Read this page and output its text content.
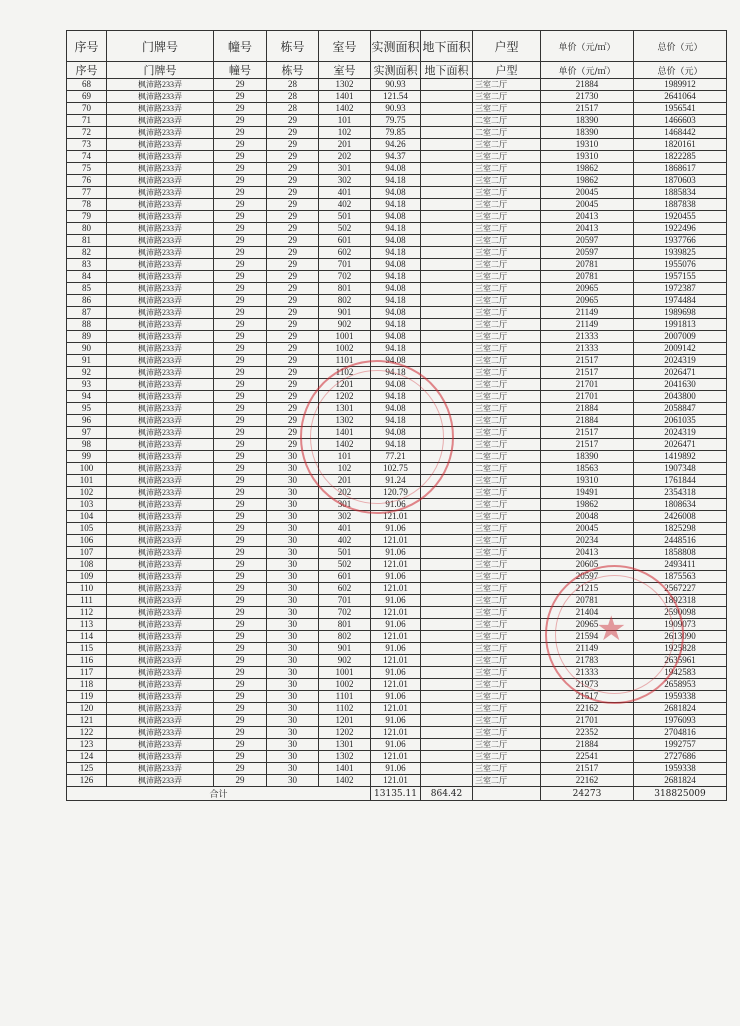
序号	门牌号	幢号	栋号	室号	实测面积	地下面积	户型	单价（元/㎡）	总价（元）
序号	门牌号	幢号	栋号	室号	实测面积	地下面积	户型	单价（元/㎡）	总价（元）
68	枫沛路233弄	29	28	1302	90.93		三室二厅	21884	1989912
69	枫沛路233弄	29	28	1401	121.54		三室二厅	21730	2641064
70	枫沛路233弄	29	28	1402	90.93		三室二厅	21517	1956541
71	枫沛路233弄	29	29	101	79.75		二室二厅	18390	1466603
72	枫沛路233弄	29	29	102	79.85		二室二厅	18390	1468442
73	枫沛路233弄	29	29	201	94.26		三室二厅	19310	1820161
74	枫沛路233弄	29	29	202	94.37		三室二厅	19310	1822285
75	枫沛路233弄	29	29	301	94.08		三室二厅	19862	1868617
76	枫沛路233弄	29	29	302	94.18		三室二厅	19862	1870603
77	枫沛路233弄	29	29	401	94.08		三室二厅	20045	1885834
78	枫沛路233弄	29	29	402	94.18		三室二厅	20045	1887838
79	枫沛路233弄	29	29	501	94.08		三室二厅	20413	1920455
80	枫沛路233弄	29	29	502	94.18		三室二厅	20413	1922496
81	枫沛路233弄	29	29	601	94.08		三室二厅	20597	1937766
82	枫沛路233弄	29	29	602	94.18		三室二厅	20597	1939825
83	枫沛路233弄	29	29	701	94.08		三室二厅	20781	1955076
84	枫沛路233弄	29	29	702	94.18		三室二厅	20781	1957155
85	枫沛路233弄	29	29	801	94.08		三室二厅	20965	1972387
86	枫沛路233弄	29	29	802	94.18		三室二厅	20965	1974484
87	枫沛路233弄	29	29	901	94.08		三室二厅	21149	1989698
88	枫沛路233弄	29	29	902	94.18		三室二厅	21149	1991813
89	枫沛路233弄	29	29	1001	94.08		三室二厅	21333	2007009
90	枫沛路233弄	29	29	1002	94.18		三室二厅	21333	2009142
91	枫沛路233弄	29	29	1101	94.08		三室二厅	21517	2024319
92	枫沛路233弄	29	29	1102	94.18		三室二厅	21517	2026471
93	枫沛路233弄	29	29	1201	94.08		三室二厅	21701	2041630
94	枫沛路233弄	29	29	1202	94.18		三室二厅	21701	2043800
95	枫沛路233弄	29	29	1301	94.08		三室二厅	21884	2058847
96	枫沛路233弄	29	29	1302	94.18		三室二厅	21884	2061035
97	枫沛路233弄	29	29	1401	94.08		三室二厅	21517	2024319
98	枫沛路233弄	29	29	1402	94.18		三室二厅	21517	2026471
99	枫沛路233弄	29	30	101	77.21		二室二厅	18390	1419892
100	枫沛路233弄	29	30	102	102.75		二室二厅	18563	1907348
101	枫沛路233弄	29	30	201	91.24		三室二厅	19310	1761844
102	枫沛路233弄	29	30	202	120.79		三室二厅	19491	2354318
103	枫沛路233弄	29	30	301	91.06		三室二厅	19862	1808634
104	枫沛路233弄	29	30	302	121.01		三室二厅	20048	2426008
105	枫沛路233弄	29	30	401	91.06		三室二厅	20045	1825298
106	枫沛路233弄	29	30	402	121.01		三室二厅	20234	2448516
107	枫沛路233弄	29	30	501	91.06		三室二厅	20413	1858808
108	枫沛路233弄	29	30	502	121.01		三室二厅	20605	2493411
109	枫沛路233弄	29	30	601	91.06		三室二厅	20597	1875563
110	枫沛路233弄	29	30	602	121.01		三室二厅	21215	2567227
111	枫沛路233弄	29	30	701	91.06		三室二厅	20781	1892318
112	枫沛路233弄	29	30	702	121.01		三室二厅	21404	2590098
113	枫沛路233弄	29	30	801	91.06		三室二厅	20965	1909073
114	枫沛路233弄	29	30	802	121.01		三室二厅	21594	2613090
115	枫沛路233弄	29	30	901	91.06		三室二厅	21149	1925828
116	枫沛路233弄	29	30	902	121.01		三室二厅	21783	2635961
117	枫沛路233弄	29	30	1001	91.06		三室二厅	21333	1942583
118	枫沛路233弄	29	30	1002	121.01		三室二厅	21973	2658953
119	枫沛路233弄	29	30	1101	91.06		三室二厅	21517	1959338
120	枫沛路233弄	29	30	1102	121.01		三室二厅	22162	2681824
121	枫沛路233弄	29	30	1201	91.06		三室二厅	21701	1976093
122	枫沛路233弄	29	30	1202	121.01		三室二厅	22352	2704816
123	枫沛路233弄	29	30	1301	91.06		三室二厅	21884	1992757
124	枫沛路233弄	29	30	1302	121.01		三室二厅	22541	2727686
125	枫沛路233弄	29	30	1401	91.06		三室二厅	21517	1959338
126	枫沛路233弄	29	30	1402	121.01		三室二厅	22162	2681824
合计					13135.11	864.42		24273	318825009
★
